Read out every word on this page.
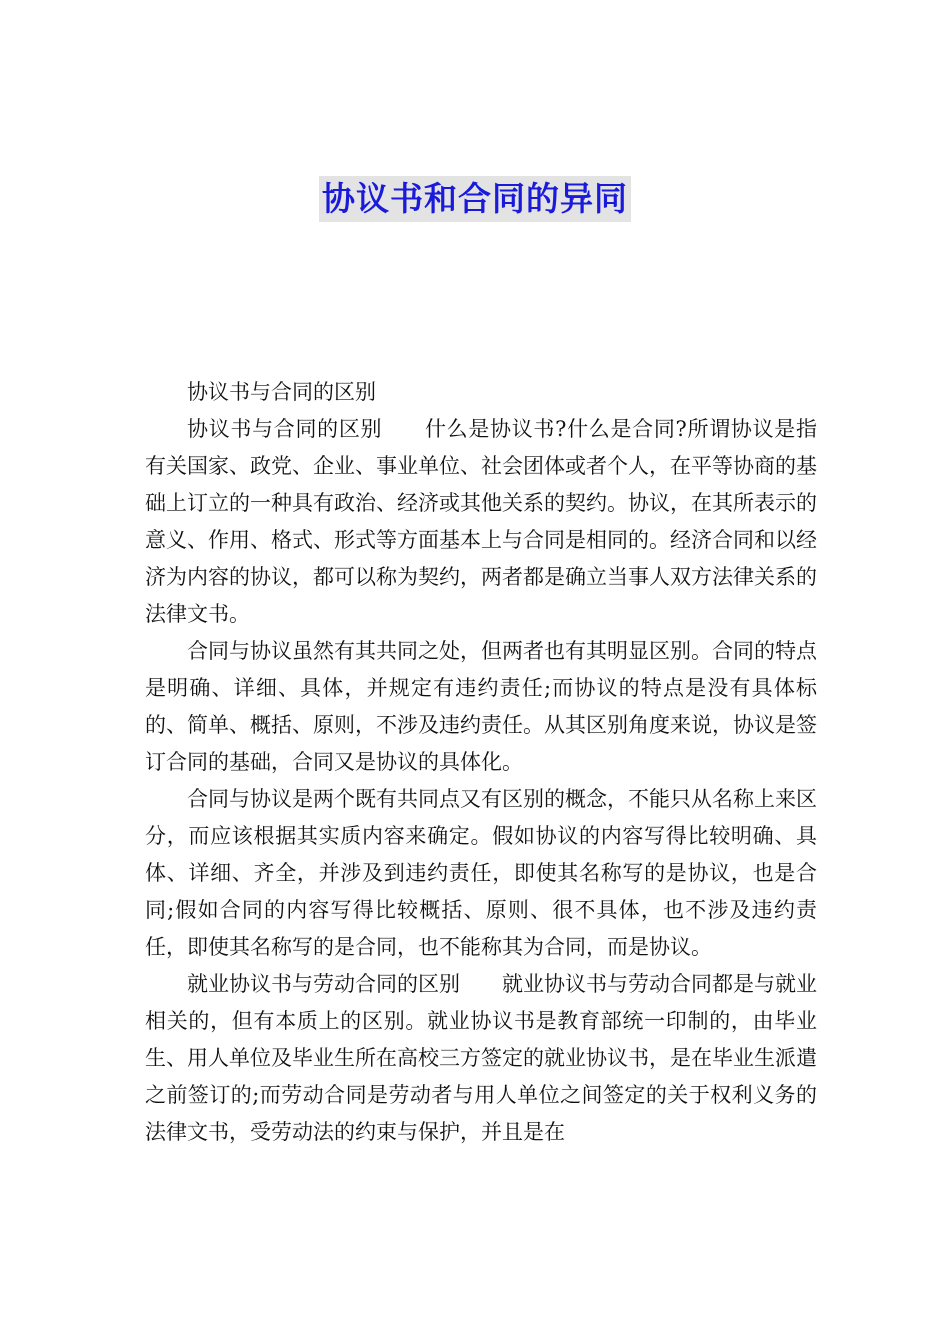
协议书和合同的异同

协议书与合同的区别

协议书与合同的区别 什么是协议书?什么是合同?所谓协议是指有关国家、政党、企业、事业单位、社会团体或者个人，在平等协商的基础上订立的一种具有政治、经济或其他关系的契约。协议，在其所表示的意义、作用、格式、形式等方面基本上与合同是相同的。经济合同和以经济为内容的协议，都可以称为契约，两者都是确立当事人双方法律关系的法律文书。

合同与协议虽然有其共同之处，但两者也有其明显区别。合同的特点是明确、详细、具体，并规定有违约责任;而协议的特点是没有具体标的、简单、概括、原则，不涉及违约责任。从其区别角度来说，协议是签订合同的基础，合同又是协议的具体化。

合同与协议是两个既有共同点又有区别的概念，不能只从名称上来区分，而应该根据其实质内容来确定。假如协议的内容写得比较明确、具体、详细、齐全，并涉及到违约责任，即使其名称写的是协议，也是合同;假如合同的内容写得比较概括、原则、很不具体，也不涉及违约责任，即使其名称写的是合同，也不能称其为合同，而是协议。

就业协议书与劳动合同的区别 就业协议书与劳动合同都是与就业相关的，但有本质上的区别。就业协议书是教育部统一印制的，由毕业生、用人单位及毕业生所在高校三方签定的就业协议书，是在毕业生派遣之前签订的;而劳动合同是劳动者与用人单位之间签定的关于权利义务的法律文书，受劳动法的约束与保护，并且是在
